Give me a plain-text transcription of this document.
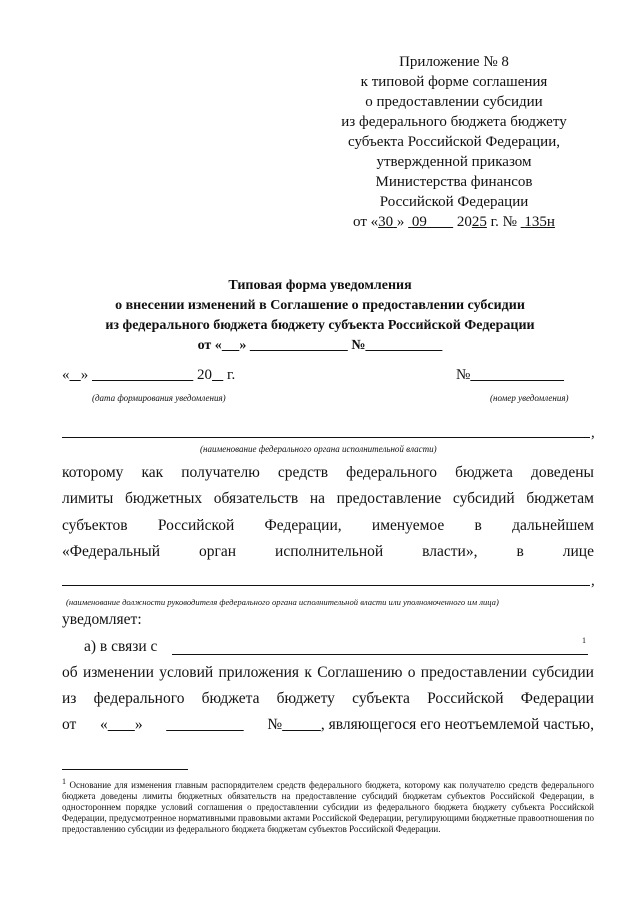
Приложение № 8
к типовой форме соглашения
о предоставлении субсидии
из федерального бюджета бюджету
субъекта Российской Федерации,
утвержденной приказом
Министерства финансов
Российской Федерации
от «30 » 09 2025 г. № 135н
Типовая форма уведомления
о внесении изменений в Соглашение о предоставлении субсидии
из федерального бюджета бюджету субъекта Российской Федерации
от « »	№
« »	20 г.	№
(дата формирования уведомления)	(номер уведомления)
,
(наименование федерального органа исполнительной власти)
которому как получателю средств федерального бюджета доведены
лимиты бюджетных обязательств на предоставление субсидий бюджетам
субъектов Российской Федерации, именуемое в дальнейшем
«Федеральный	орган	исполнительной	власти»,	в	лице
,
(наименование должности руководителя федерального органа исполнительной власти или уполномоченного им лица)
уведомляет:
а) в связи с	1
об изменении условий приложения к Соглашению о предоставлении субсидии
из федерального бюджета бюджету субъекта Российской Федерации
от « »
	№	, являющегося его неотъемлемой частью,
$^1$ Основание для изменения главным распорядителем средств федерального бюджета, которому как получателю средств федерального бюджета доведены лимиты бюджетных обязательств на предоставление субсидий бюджетам субъектов Российской Федерации, в одностороннем порядке условий соглашения о предоставлении субсидии из федерального бюджета бюджету субъекта Российской Федерации, предусмотренное нормативными правовыми актами Российской Федерации, регулирующими бюджетные правоотношения по предоставлению субсидии из федерального бюджета бюджетам субъектов Российской Федерации.
